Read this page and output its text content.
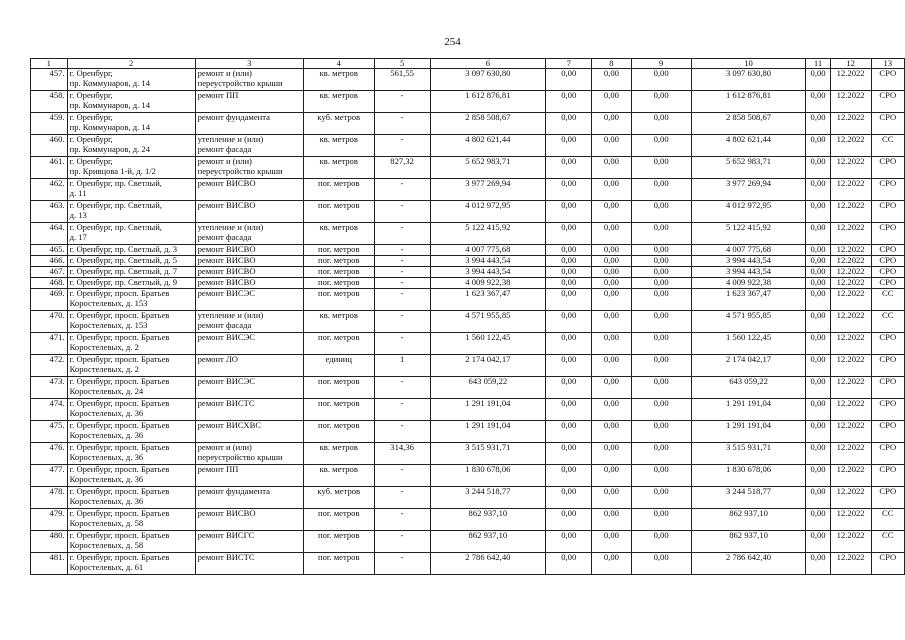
254
1	2	3	4	5	6	7	8	9	10	11	12	13
457.	г. Оренбург,
пр. Коммунаров, д. 14	ремонт и (или)
переустройство крыши	кв. метров	561,55	3 097 630,80	0,00	0,00	0,00	3 097 630,80	0,00	12.2022	СРО
458.	г. Оренбург,
пр. Коммунаров, д. 14	ремонт ПП	кв. метров	-	1 612 876,81	0,00	0,00	0,00	1 612 876,81	0,00	12.2022	СРО
459.	г. Оренбург,
пр. Коммунаров, д. 14	ремонт фундамента	куб. метров	-	2 858 508,67	0,00	0,00	0,00	2 858 508,67	0,00	12.2022	СРО
460.	г. Оренбург,
пр. Коммунаров, д. 24	утепление и (или)
ремонт фасада	кв. метров	-	4 802 621,44	0,00	0,00	0,00	4 802 621,44	0,00	12.2022	СС
461.	г. Оренбург,
пр. Кривцова 1-й, д. 1/2	ремонт и (или)
переустройство крыши	кв. метров	827,32	5 652 983,71	0,00	0,00	0,00	5 652 983,71	0,00	12.2022	СРО
462.	г. Оренбург, пр. Светлый,
д. 11	ремонт ВИСВО	пог. метров	-	3 977 269,94	0,00	0,00	0,00	3 977 269,94	0,00	12.2022	СРО
463.	г. Оренбург, пр. Светлый,
д. 13	ремонт ВИСВО	пог. метров	-	4 012 972,95	0,00	0,00	0,00	4 012 972,95	0,00	12.2022	СРО
464.	г. Оренбург, пр. Светлый,
д. 17	утепление и (или)
ремонт фасада	кв. метров	-	5 122 415,92	0,00	0,00	0,00	5 122 415,92	0,00	12.2022	СРО
465.	г. Оренбург, пр. Светлый, д. 3	ремонт ВИСВО	пог. метров	-	4 007 775,68	0,00	0,00	0,00	4 007 775,68	0,00	12.2022	СРО
466.	г. Оренбург, пр. Светлый, д. 5	ремонт ВИСВО	пог. метров	-	3 994 443,54	0,00	0,00	0,00	3 994 443,54	0,00	12.2022	СРО
467.	г. Оренбург, пр. Светлый, д. 7	ремонт ВИСВО	пог. метров	-	3 994 443,54	0,00	0,00	0,00	3 994 443,54	0,00	12.2022	СРО
468.	г. Оренбург, пр. Светлый, д. 9	ремонт ВИСВО	пог. метров	-	4 009 922,38	0,00	0,00	0,00	4 009 922,38	0,00	12.2022	СРО
469.	г. Оренбург, просп. Братьев
Коростелевых, д. 153	ремонт ВИСЭС	пог. метров	-	1 623 367,47	0,00	0,00	0,00	1 623 367,47	0,00	12.2022	СС
470.	г. Оренбург, просп. Братьев
Коростелевых, д. 153	утепление и (или)
ремонт фасада	кв. метров	-	4 571 955,85	0,00	0,00	0,00	4 571 955,85	0,00	12.2022	СС
471.	г. Оренбург, просп. Братьев
Коростелевых, д. 2	ремонт ВИСЭС	пог. метров	-	1 560 122,45	0,00	0,00	0,00	1 560 122,45	0,00	12.2022	СРО
472.	г. Оренбург, просп. Братьев
Коростелевых, д. 2	ремонт ЛО	единиц	1	2 174 042,17	0,00	0,00	0,00	2 174 042,17	0,00	12.2022	СРО
473.	г. Оренбург, просп. Братьев
Коростелевых, д. 24	ремонт ВИСЭС	пог. метров	-	643 059,22	0,00	0,00	0,00	643 059,22	0,00	12.2022	СРО
474.	г. Оренбург, просп. Братьев
Коростелевых, д. 36	ремонт ВИСТС	пог. метров	-	1 291 191,04	0,00	0,00	0,00	1 291 191,04	0,00	12.2022	СРО
475.	г. Оренбург, просп. Братьев
Коростелевых, д. 36	ремонт ВИСХВС	пог. метров	-	1 291 191,04	0,00	0,00	0,00	1 291 191,04	0,00	12.2022	СРО
476.	г. Оренбург, просп. Братьев
Коростелевых, д. 36	ремонт и (или)
переустройство крыши	кв. метров	314,36	3 515 931,71	0,00	0,00	0,00	3 515 931,71	0,00	12.2022	СРО
477.	г. Оренбург, просп. Братьев
Коростелевых, д. 36	ремонт ПП	кв. метров	-	1 830 678,06	0,00	0,00	0,00	1 830 678,06	0,00	12.2022	СРО
478.	г. Оренбург, просп. Братьев
Коростелевых, д. 36	ремонт фундамента	куб. метров	-	3 244 518,77	0,00	0,00	0,00	3 244 518,77	0,00	12.2022	СРО
479.	г. Оренбург, просп. Братьев
Коростелевых, д. 58	ремонт ВИСВО	пог. метров	-	862 937,10	0,00	0,00	0,00	862 937,10	0,00	12.2022	СС
480.	г. Оренбург, просп. Братьев
Коростелевых, д. 58	ремонт ВИСГС	пог. метров	-	862 937,10	0,00	0,00	0,00	862 937,10	0,00	12.2022	СС
481.	г. Оренбург, просп. Братьев
Коростелевых, д. 61	ремонт ВИСТС	пог. метров	-	2 786 642,40	0,00	0,00	0,00	2 786 642,40	0,00	12.2022	СРО
